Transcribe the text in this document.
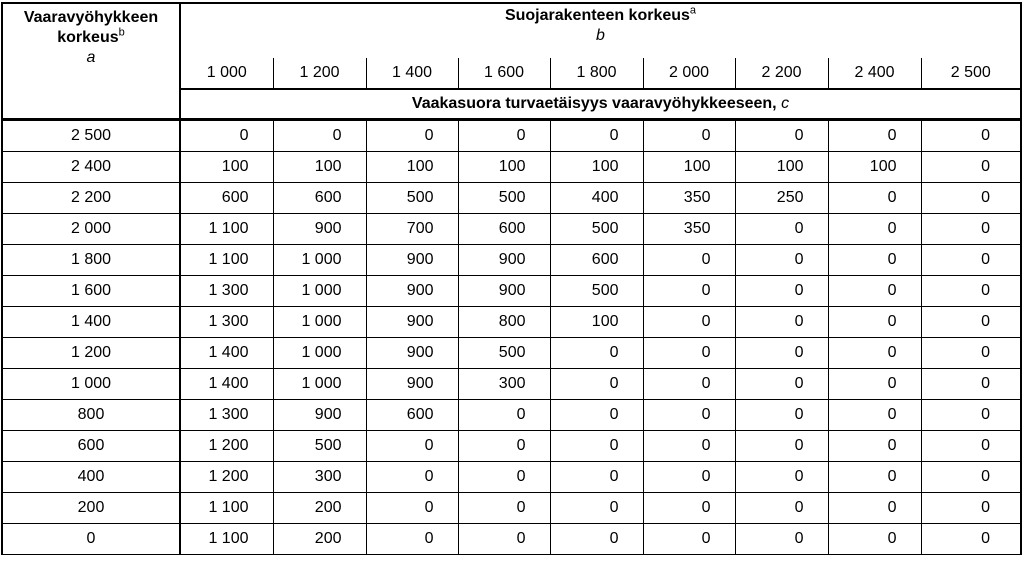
Vaaravyöhykkeen
korkeus$^b$
a	Suojarakenteen korkeus$^a$
b								

	1 000	1 200	1 400	1 600	1 800	2 000	2 200	2 400	2 500
	Vaakasuora turvaetäisyys vaaravyöhykkeeseen, c								
2 500	0	0	0	0	0	0	0	0	0
2 400	100	100	100	100	100	100	100	100	0
2 200	600	600	500	500	400	350	250	0	0
2 000	1 100	900	700	600	500	350	0	0	0
1 800	1 100	1 000	900	900	600	0	0	0	0
1 600	1 300	1 000	900	900	500	0	0	0	0
1 400	1 300	1 000	900	800	100	0	0	0	0
1 200	1 400	1 000	900	500	0	0	0	0	0
1 000	1 400	1 000	900	300	0	0	0	0	0
800	1 300	900	600	0	0	0	0	0	0
600	1 200	500	0	0	0	0	0	0	0
400	1 200	300	0	0	0	0	0	0	0
200	1 100	200	0	0	0	0	0	0	0
0	1 100	200	0	0	0	0	0	0	0
